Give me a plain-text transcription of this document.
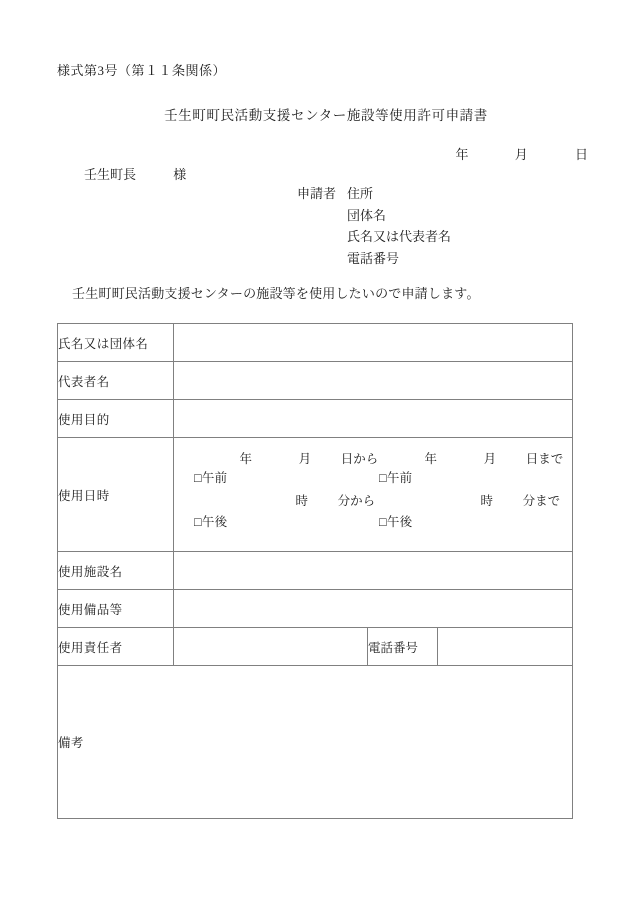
様式第3号（第１１条関係）
壬生町町民活動支援センター施設等使用許可申請書
年	月	日
壬生町長	様
申請者 住所
団体名
氏名又は代表者名
電話番号
壬生町町民活動支援センターの施設等を使用したいので申請します。
氏名又は団体名			
代表者名			
使用目的			
使用日時	
年	月 日から	年	月 日まで
□午前	□午前
時 分から	時 分まで
□午後	□午後

使用施設名			
使用備品等			
使用責任者		電話番号	
備考			
